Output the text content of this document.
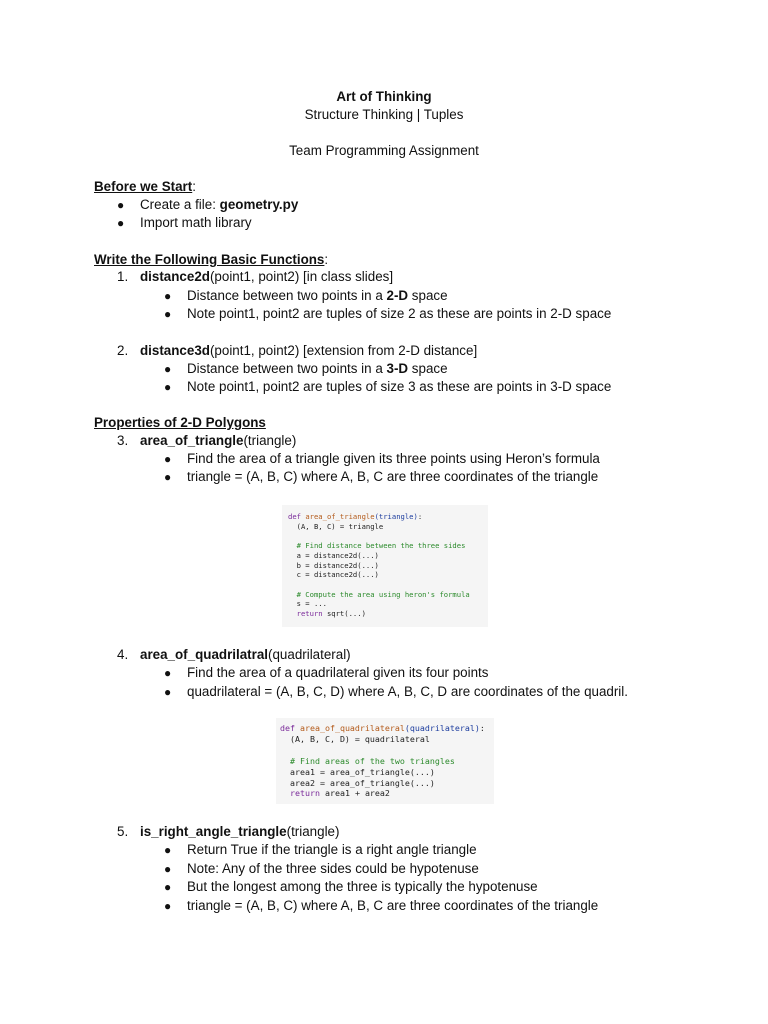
Art of Thinking
Structure Thinking | Tuples
Team Programming Assignment
Before we Start:
● Create a file: geometry.py
● Import math library
Write the Following Basic Functions:
1. distance2d(point1, point2) [in class slides]
● Distance between two points in a 2-D space
● Note point1, point2 are tuples of size 2 as these are points in 2-D space
2. distance3d(point1, point2) [extension from 2-D distance]
● Distance between two points in a 3-D space
● Note point1, point2 are tuples of size 3 as these are points in 3-D space
Properties of 2-D Polygons
3. area_of_triangle(triangle)
● Find the area of a triangle given its three points using Heron’s formula
● triangle = (A, B, C) where A, B, C are three coordinates of the triangle
def area_of_triangle(triangle):
(A, B, C) = triangle

# Find distance between the three sides
a = distance2d(...)
b = distance2d(...)
c = distance2d(...)

# Compute the area using heron's formula
s = ...
return sqrt(...)
4. area_of_quadrilatral(quadrilateral)
● Find the area of a quadrilateral given its four points
● quadrilateral = (A, B, C, D) where A, B, C, D are coordinates of the quadril.
def area_of_quadrilateral(quadrilateral):
(A, B, C, D) = quadrilateral

# Find areas of the two triangles
area1 = area_of_triangle(...)
area2 = area_of_triangle(...)
return area1 + area2
5. is_right_angle_triangle(triangle)
● Return True if the triangle is a right angle triangle
● Note: Any of the three sides could be hypotenuse
● But the longest among the three is typically the hypotenuse
● triangle = (A, B, C) where A, B, C are three coordinates of the triangle
